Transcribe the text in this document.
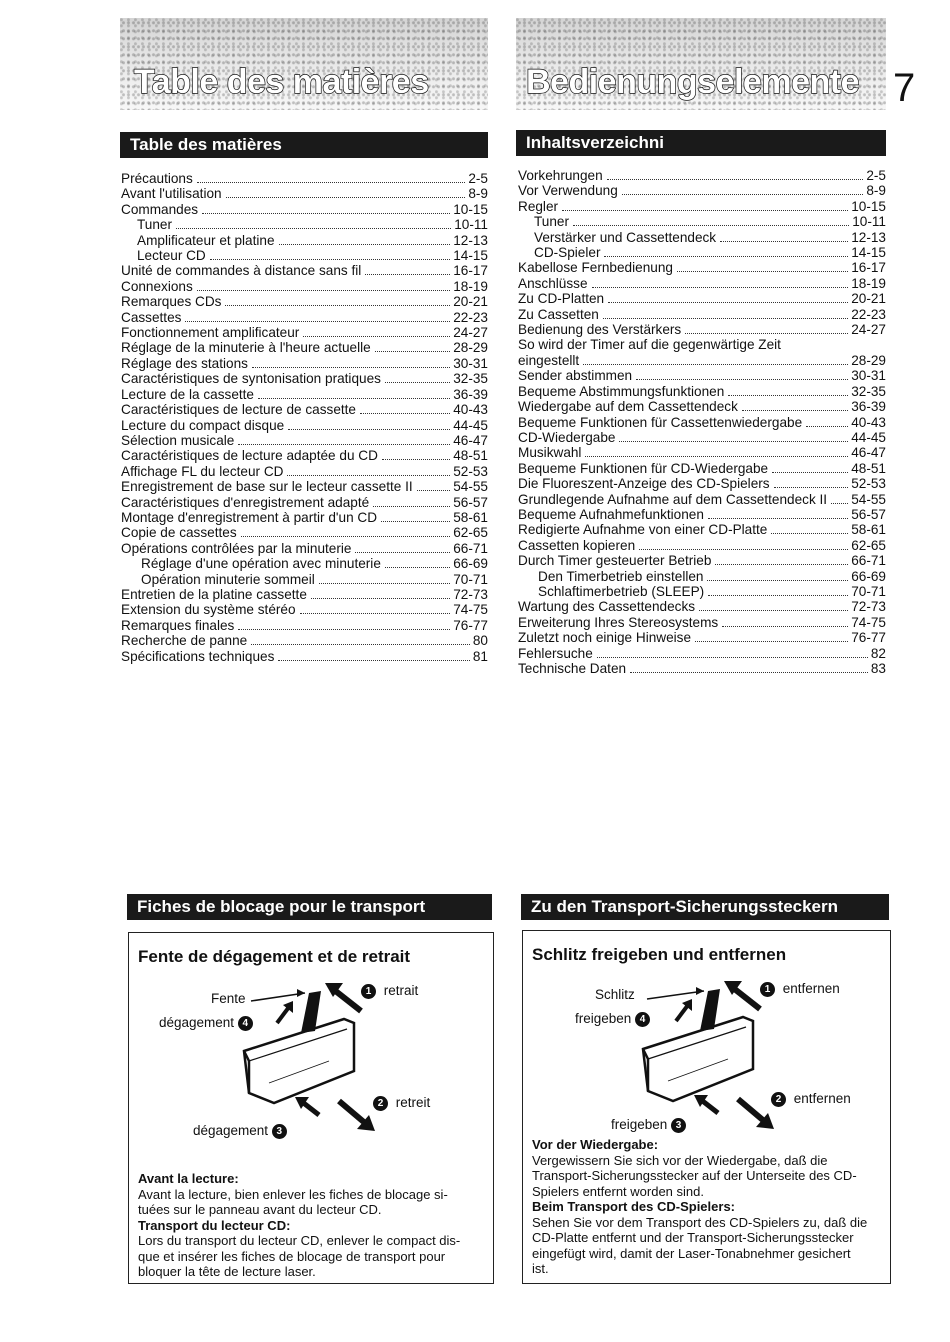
7
Table des matières	Bedienungselemente
Table des matières	Inhaltsverzeichni
Précautions	2-5
Avant l'utilisation	8-9
Commandes	10-15
Tuner	10-11
Amplificateur et platine	12-13
Lecteur CD	14-15
Unité de commandes à distance sans fil	16-17
Connexions	18-19
Remarques CDs	20-21
Cassettes	22-23
Fonctionnement amplificateur	24-27
Réglage de la minuterie à l'heure actuelle	28-29
Réglage des stations	30-31
Caractéristiques de syntonisation pratiques	32-35
Lecture de la cassette	36-39
Caractéristiques de lecture de cassette	40-43
Lecture du compact disque	44-45
Sélection musicale	46-47
Caractéristiques de lecture adaptée du CD	48-51
Affichage FL du lecteur CD	52-53
Enregistrement de base sur le lecteur cassette II	54-55
Caractéristiques d'enregistrement adapté	56-57
Montage d'enregistrement à partir d'un CD	58-61
Copie de cassettes	62-65
Opérations contrôlées par la minuterie	66-71
Réglage d'une opération avec minuterie	66-69
Opération minuterie sommeil	70-71
Entretien de la platine cassette	72-73
Extension du système stéréo	74-75
Remarques finales	76-77
Recherche de panne	80
Spécifications techniques	81
Vorkehrungen	2-5
Vor Verwendung	8-9
Regler	10-15
Tuner	10-11
Verstärker und Cassettendeck	12-13
CD-Spieler	14-15
Kabellose Fernbedienung	16-17
Anschlüsse	18-19
Zu CD-Platten	20-21
Zu Cassetten	22-23
Bedienung des Verstärkers	24-27
So wird der Timer auf die gegenwärtige Zeit
eingestellt	28-29
Sender abstimmen	30-31
Bequeme Abstimmungsfunktionen	32-35
Wiedergabe auf dem Cassettendeck	36-39
Bequeme Funktionen für Cassettenwiedergabe	40-43
CD-Wiedergabe	44-45
Musikwahl	46-47
Bequeme Funktionen für CD-Wiedergabe	48-51
Die Fluoreszent-Anzeige des CD-Spielers	52-53
Grundlegende Aufnahme auf dem Cassettendeck II 54-55
Bequeme Aufnahmefunktionen	56-57
Redigierte Aufnahme von einer CD-Platte	58-61
Cassetten kopieren	62-65
Durch Timer gesteuerter Betrieb	66-71
Den Timerbetrieb einstellen	66-69
Schlaftimerbetrieb (SLEEP)	70-71
Wartung des Cassettendecks	72-73
Erweiterung Ihres Stereosystems	74-75
Zuletzt noch einige Hinweise	76-77
Fehlersuche	82
Technische Daten	83
Fiches de blocage pour le transport	Zu den Transport-Sicherungssteckern
Fente de dégagement et de retrait
Fente
dégagement 4
1 retrait
2 retreit
dégagement 3
Avant la lecture:
Avant la lecture, bien enlever les fiches de blocage si-
tuées sur le panneau avant du lecteur CD.
Transport du lecteur CD:
Lors du transport du lecteur CD, enlever le compact dis-
que et insérer les fiches de blocage de transport pour
bloquer la tête de lecture laser.
Schlitz freigeben und entfernen
Schlitz
freigeben 4
1 entfernen
2 entfernen
freigeben 3
Vor der Wiedergabe:
Vergewissern Sie sich vor der Wiedergabe, daß die
Transport-Sicherungsstecker auf der Unterseite des CD-
Spielers entfernt worden sind.
Beim Transport des CD-Spielers:
Sehen Sie vor dem Transport des CD-Spielers zu, daß die
CD-Platte entfernt und der Transport-Sicherungsstecker
eingefügt wird, damit der Laser-Tonabnehmer gesichert
ist.
